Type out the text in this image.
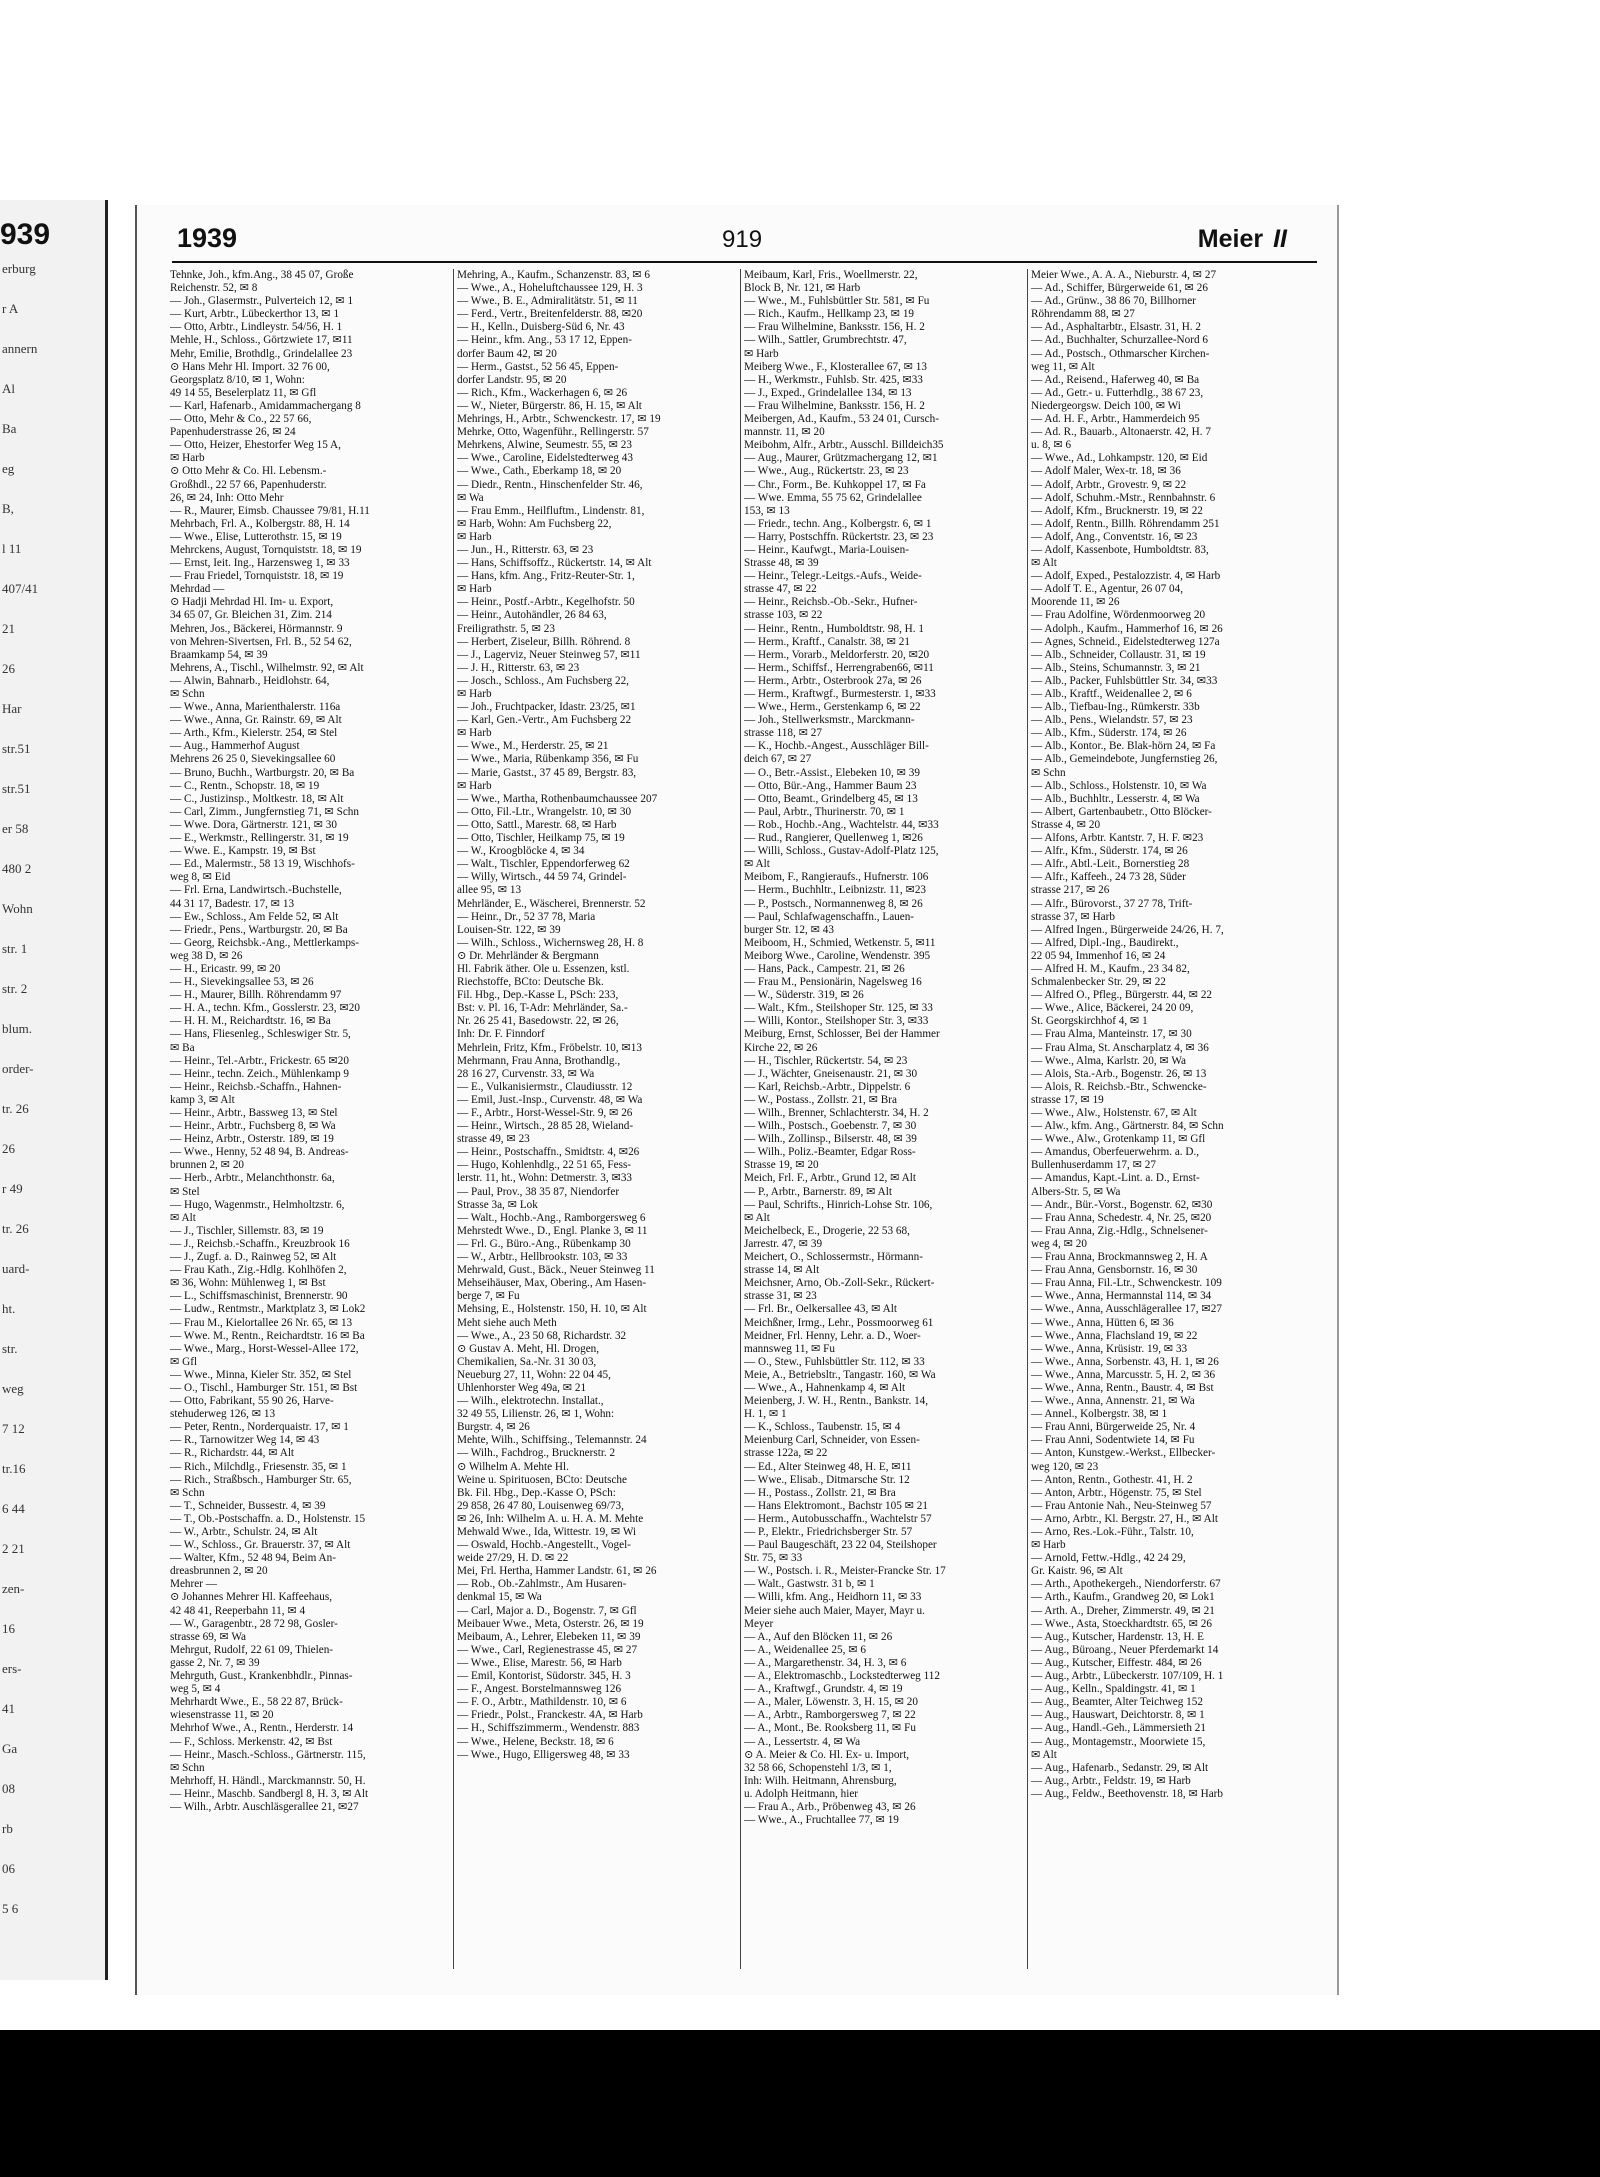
939
erburg
r A
annern
Al
Ba
eg
B,
l 11
407/41
21
26
Har
str.51
str.51
er 58
480 2
Wohn
str. 1
str. 2
blum.
order-
tr. 26
26
r 49
tr. 26
uard-
ht.
str.
weg
7 12
tr.16
6 44
2 21
zen-
16
ers-
41
Ga
08
rb
06
5 6
1939	919	Meier II
Tehnke, Joh., kfm.Ang., 38 45 07, Große
Reichenstr. 52, ✉ 8
— Joh., Glasermstr., Pulverteich 12, ✉ 1
— Kurt, Arbtr., Lübeckerthor 13, ✉ 1
— Otto, Arbtr., Lindleystr. 54/56, H. 1
Mehle, H., Schloss., Görtzwiete 17, ✉11
Mehr, Emilie, Brothdlg., Grindelallee 23
⊙ Hans Mehr Hl. Import. 32 76 00,
Georgsplatz 8/10, ✉ 1, Wohn:
49 14 55, Beselerplatz 11, ✉ Gfl
— Karl, Hafenarb., Amidammachergang 8
— Otto, Mehr & Co., 22 57 66,
Papenhuderstrasse 26, ✉ 24
— Otto, Heizer, Ehestorfer Weg 15 A,
✉ Harb
⊙ Otto Mehr & Co. Hl. Lebensm.-
Großhdl., 22 57 66, Papenhuderstr.
26, ✉ 24, Inh: Otto Mehr
— R., Maurer, Eimsb. Chaussee 79/81, H.11
Mehrbach, Frl. A., Kolbergstr. 88, H. 14
— Wwe., Elise, Lutterothstr. 15, ✉ 19
Mehrckens, August, Tornquiststr. 18, ✉ 19
— Ernst, Ieit. Ing., Harzensweg 1, ✉ 33
— Frau Friedel, Tornquiststr. 18, ✉ 19
Mehrdad —
⊙ Hadji Mehrdad Hl. Im- u. Export,
34 65 07, Gr. Bleichen 31, Zim. 214
Mehren, Jos., Bäckerei, Hörmannstr. 9
von Mehren-Sivertsen, Frl. B., 52 54 62,
Braamkamp 54, ✉ 39
Mehrens, A., Tischl., Wilhelmstr. 92, ✉ Alt
— Alwin, Bahnarb., Heidlohstr. 64,
✉ Schn
— Wwe., Anna, Marienthalerstr. 116a
— Wwe., Anna, Gr. Rainstr. 69, ✉ Alt
— Arth., Kfm., Kielerstr. 254, ✉ Stel
— Aug., Hammerhof August
Mehrens 26 25 0, Sievekingsallee 60
— Bruno, Buchh., Wartburgstr. 20, ✉ Ba
— C., Rentn., Schopstr. 18, ✉ 19
— C., Justizinsp., Moltkestr. 18, ✉ Alt
— Carl, Zimm., Jungfernstieg 71, ✉ Schn
— Wwe. Dora, Gärtnerstr. 121, ✉ 30
— E., Werkmstr., Rellingerstr. 31, ✉ 19
— Wwe. E., Kampstr. 19, ✉ Bst
— Ed., Malermstr., 58 13 19, Wischhofs-
weg 8, ✉ Eid
— Frl. Erna, Landwirtsch.-Buchstelle,
44 31 17, Badestr. 17, ✉ 13
— Ew., Schloss., Am Felde 52, ✉ Alt
— Friedr., Pens., Wartburgstr. 20, ✉ Ba
— Georg, Reichsbk.-Ang., Mettlerkamps-
weg 38 D, ✉ 26
— H., Ericastr. 99, ✉ 20
— H., Sievekingsallee 53, ✉ 26
— H., Maurer, Billh. Röhrendamm 97
— H. A., techn. Kfm., Gosslerstr. 23, ✉20
— H. H. M., Reichardtstr. 16, ✉ Ba
— Hans, Fliesenleg., Schleswiger Str. 5,
✉ Ba
— Heinr., Tel.-Arbtr., Frickestr. 65 ✉20
— Heinr., techn. Zeich., Mühlenkamp 9
— Heinr., Reichsb.-Schaffn., Hahnen-
kamp 3, ✉ Alt
— Heinr., Arbtr., Bassweg 13, ✉ Stel
— Heinr., Arbtr., Fuchsberg 8, ✉ Wa
— Heinz, Arbtr., Osterstr. 189, ✉ 19
— Wwe., Henny, 52 48 94, B. Andreas-
brunnen 2, ✉ 20
— Herb., Arbtr., Melanchthonstr. 6a,
✉ Stel
— Hugo, Wagenmstr., Helmholtzstr. 6,
✉ Alt
— J., Tischler, Sillemstr. 83, ✉ 19
— J., Reichsb.-Schaffn., Kreuzbrook 16
— J., Zugf. a. D., Rainweg 52, ✉ Alt
— Frau Kath., Zig.-Hdlg. Kohlhöfen 2,
✉ 36, Wohn: Mühlenweg 1, ✉ Bst
— L., Schiffsmaschinist, Brennerstr. 90
— Ludw., Rentmstr., Marktplatz 3, ✉ Lok2
— Frau M., Kielortallee 26 Nr. 65, ✉ 13
— Wwe. M., Rentn., Reichardtstr. 16 ✉ Ba
— Wwe., Marg., Horst-Wessel-Allee 172,
✉ Gfl
— Wwe., Minna, Kieler Str. 352, ✉ Stel
— O., Tischl., Hamburger Str. 151, ✉ Bst
— Otto, Fabrikant, 55 90 26, Harve-
stehuderweg 126, ✉ 13
— Peter, Rentn., Norderquaistr. 17, ✉ 1
— R., Tarnowitzer Weg 14, ✉ 43
— R., Richardstr. 44, ✉ Alt
— Rich., Milchdlg., Friesenstr. 35, ✉ 1
— Rich., Straßbsch., Hamburger Str. 65,
✉ Schn
— T., Schneider, Bussestr. 4, ✉ 39
— T., Ob.-Postschaffn. a. D., Holstenstr. 15
— W., Arbtr., Schulstr. 24, ✉ Alt
— W., Schloss., Gr. Brauerstr. 37, ✉ Alt
— Walter, Kfm., 52 48 94, Beim An-
dreasbrunnen 2, ✉ 20
Mehrer —
⊙ Johannes Mehrer Hl. Kaffeehaus,
42 48 41, Reeperbahn 11, ✉ 4
— W., Garagenbtr., 28 72 98, Gosler-
strasse 69, ✉ Wa
Mehrgut, Rudolf, 22 61 09, Thielen-
gasse 2, Nr. 7, ✉ 39
Mehrguth, Gust., Krankenbhdlr., Pinnas-
weg 5, ✉ 4
Mehrhardt Wwe., E., 58 22 87, Brück-
wiesenstrasse 11, ✉ 20
Mehrhof Wwe., A., Rentn., Herderstr. 14
— F., Schloss. Merkenstr. 42, ✉ Bst
— Heinr., Masch.-Schloss., Gärtnerstr. 115,
✉ Schn
Mehrhoff, H. Händl., Marckmannstr. 50, H.
— Heinr., Maschb. Sandbergl 8, H. 3, ✉ Alt
— Wilh., Arbtr. Auschläsgerallee 21, ✉27
Mehring, A., Kaufm., Schanzenstr. 83, ✉ 6
— Wwe., A., Hoheluftchaussee 129, H. 3
— Wwe., B. E., Admiralitätstr. 51, ✉ 11
— Ferd., Vertr., Breitenfelderstr. 88, ✉20
— H., Kelln., Duisberg-Süd 6, Nr. 43
— Heinr., kfm. Ang., 53 17 12, Eppen-
dorfer Baum 42, ✉ 20
— Herm., Gastst., 52 56 45, Eppen-
dorfer Landstr. 95, ✉ 20
— Rich., Kfm., Wackerhagen 6, ✉ 26
— W., Nieter, Bürgerstr. 86, H. 15, ✉ Alt
Mehrings, H., Arbtr., Schwenckestr. 17, ✉ 19
Mehrke, Otto, Wagenführ., Rellingerstr. 57
Mehrkens, Alwine, Seumestr. 55, ✉ 23
— Wwe., Caroline, Eidelstedterweg 43
— Wwe., Cath., Eberkamp 18, ✉ 20
— Diedr., Rentn., Hinschenfelder Str. 46,
✉ Wa
— Frau Emm., Heilfluftm., Lindenstr. 81,
✉ Harb, Wohn: Am Fuchsberg 22,
✉ Harb
— Jun., H., Ritterstr. 63, ✉ 23
— Hans, Schiffsoffz., Rückertstr. 14, ✉ Alt
— Hans, kfm. Ang., Fritz-Reuter-Str. 1,
✉ Harb
— Heinr., Postf.-Arbtr., Kegelhofstr. 50
— Heinr., Autohändler, 26 84 63,
Freiligrathstr. 5, ✉ 23
— Herbert, Ziseleur, Billh. Röhrend. 8
— J., Lagerviz, Neuer Steinweg 57, ✉11
— J. H., Ritterstr. 63, ✉ 23
— Josch., Schloss., Am Fuchsberg 22,
✉ Harb
— Joh., Fruchtpacker, Idastr. 23/25, ✉1
— Karl, Gen.-Vertr., Am Fuchsberg 22
✉ Harb
— Wwe., M., Herderstr. 25, ✉ 21
— Wwe., Maria, Rübenkamp 356, ✉ Fu
— Marie, Gastst., 37 45 89, Bergstr. 83,
✉ Harb
— Wwe., Martha, Rothenbaumchaussee 207
— Otto, Fil.-Ltr., Wrangelstr. 10, ✉ 30
— Otto, Sattl., Marestr. 68, ✉ Harb
— Otto, Tischler, Heilkamp 75, ✉ 19
— W., Kroogblöcke 4, ✉ 34
— Walt., Tischler, Eppendorferweg 62
— Willy, Wirtsch., 44 59 74, Grindel-
allee 95, ✉ 13
Mehrländer, E., Wäscherei, Brennerstr. 52
— Heinr., Dr., 52 37 78, Maria
Louisen-Str. 122, ✉ 39
— Wilh., Schloss., Wichernsweg 28, H. 8
⊙ Dr. Mehrländer & Bergmann
Hl. Fabrik äther. Ole u. Essenzen, kstl.
Riechstoffe, BCto: Deutsche Bk.
Fil. Hbg., Dep.-Kasse L, PSch: 233,
Bst: v. Pl. 16, T-Adr: Mehrländer, Sa.-
Nr. 26 25 41, Basedowstr. 22, ✉ 26,
Inh: Dr. F. Finndorf
Mehrlein, Fritz, Kfm., Fröbelstr. 10, ✉13
Mehrmann, Frau Anna, Brothandlg.,
28 16 27, Curvenstr. 33, ✉ Wa
— E., Vulkanisiermstr., Claudiusstr. 12
— Emil, Just.-Insp., Curvenstr. 48, ✉ Wa
— F., Arbtr., Horst-Wessel-Str. 9, ✉ 26
— Heinr., Wirtsch., 28 85 28, Wieland-
strasse 49, ✉ 23
— Heinr., Postschaffn., Smidtstr. 4, ✉26
— Hugo, Kohlenhdlg., 22 51 65, Fess-
lerstr. 11, ht., Wohn: Detmerstr. 3, ✉33
— Paul, Prov., 38 35 87, Niendorfer
Strasse 3a, ✉ Lok
— Walt., Hochb.-Ang., Ramborgersweg 6
Mehrstedt Wwe., D., Engl. Planke 3, ✉ 11
— Frl. G., Büro.-Ang., Rübenkamp 30
— W., Arbtr., Hellbrookstr. 103, ✉ 33
Mehrwald, Gust., Bäck., Neuer Steinweg 11
Mehseihäuser, Max, Obering., Am Hasen-
berge 7, ✉ Fu
Mehsing, E., Holstenstr. 150, H. 10, ✉ Alt
Meht siehe auch Meth
— Wwe., A., 23 50 68, Richardstr. 32
⊙ Gustav A. Meht, Hl. Drogen,
Chemikalien, Sa.-Nr. 31 30 03,
Neueburg 27, 11, Wohn: 22 04 45,
Uhlenhorster Weg 49a, ✉ 21
— Wilh., elektrotechn. Installat.,
32 49 55, Lilienstr. 26, ✉ 1, Wohn:
Burgstr. 4, ✉ 26
Mehte, Wilh., Schiffsing., Telemannstr. 24
— Wilh., Fachdrog., Brucknerstr. 2
⊙ Wilhelm A. Mehte Hl.
Weine u. Spirituosen, BCto: Deutsche
Bk. Fil. Hbg., Dep.-Kasse O, PSch:
29 858, 26 47 80, Louisenweg 69/73,
✉ 26, Inh: Wilhelm A. u. H. A. M. Mehte
Mehwald Wwe., Ida, Wittestr. 19, ✉ Wi
— Oswald, Hochb.-Angestellt., Vogel-
weide 27/29, H. D. ✉ 22
Mei, Frl. Hertha, Hammer Landstr. 61, ✉ 26
— Rob., Ob.-Zahlmstr., Am Husaren-
denkmal 15, ✉ Wa
— Carl, Major a. D., Bogenstr. 7, ✉ Gfl
Meibauer Wwe., Meta, Osterstr. 26, ✉ 19
Meibaum, A., Lehrer, Elebeken 11, ✉ 39
— Wwe., Carl, Regienestrasse 45, ✉ 27
— Wwe., Elise, Marestr. 56, ✉ Harb
— Emil, Kontorist, Südorstr. 345, H. 3
— F., Angest. Borstelmannsweg 126
— F. O., Arbtr., Mathildenstr. 10, ✉ 6
— Friedr., Polst., Franckestr. 4A, ✉ Harb
— H., Schiffszimmerm., Wendenstr. 883
— Wwe., Helene, Beckstr. 18, ✉ 6
— Wwe., Hugo, Elligersweg 48, ✉ 33
Meibaum, Karl, Fris., Woellmerstr. 22,
Block B, Nr. 121, ✉ Harb
— Wwe., M., Fuhlsbüttler Str. 581, ✉ Fu
— Rich., Kaufm., Hellkamp 23, ✉ 19
— Frau Wilhelmine, Banksstr. 156, H. 2
— Wilh., Sattler, Grumbrechtstr. 47,
✉ Harb
Meiberg Wwe., F., Klosterallee 67, ✉ 13
— H., Werkmstr., Fuhlsb. Str. 425, ✉33
— J., Exped., Grindelallee 134, ✉ 13
— Frau Wilhelmine, Banksstr. 156, H. 2
Meibergen, Ad., Kaufm., 53 24 01, Cursch-
mannstr. 11, ✉ 20
Meibohm, Alfr., Arbtr., Ausschl. Billdeich35
— Aug., Maurer, Grützmachergang 12, ✉1
— Wwe., Aug., Rückertstr. 23, ✉ 23
— Chr., Form., Be. Kuhkoppel 17, ✉ Fa
— Wwe. Emma, 55 75 62, Grindelallee
153, ✉ 13
— Friedr., techn. Ang., Kolbergstr. 6, ✉ 1
— Harry, Postschffn. Rückertstr. 23, ✉ 23
— Heinr., Kaufwgt., Maria-Louisen-
Strasse 48, ✉ 39
— Heinr., Telegr.-Leitgs.-Aufs., Weide-
strasse 47, ✉ 22
— Heinr., Reichsb.-Ob.-Sekr., Hufner-
strasse 103, ✉ 22
— Heinr., Rentn., Humboldtstr. 98, H. 1
— Herm., Kraftf., Canalstr. 38, ✉ 21
— Herm., Vorarb., Meldorferstr. 20, ✉20
— Herm., Schiffsf., Herrengraben66, ✉11
— Herm., Arbtr., Osterbrook 27a, ✉ 26
— Herm., Kraftwgf., Burmesterstr. 1, ✉33
— Wwe., Herm., Gerstenkamp 6, ✉ 22
— Joh., Stellwerksmstr., Marckmann-
strasse 118, ✉ 27
— K., Hochb.-Angest., Ausschläger Bill-
deich 67, ✉ 27
— O., Betr.-Assist., Elebeken 10, ✉ 39
— Otto, Bür.-Ang., Hammer Baum 23
— Otto, Beamt., Grindelberg 45, ✉ 13
— Paul, Arbtr., Thurinerstr. 70, ✉ 1
— Rob., Hochb.-Ang., Wachtelstr. 44, ✉33
— Rud., Rangierer, Quellenweg 1, ✉26
— Willi, Schloss., Gustav-Adolf-Platz 125,
✉ Alt
Meibom, F., Rangieraufs., Hufnerstr. 106
— Herm., Buchhltr., Leibnizstr. 11, ✉23
— P., Postsch., Normannenweg 8, ✉ 26
— Paul, Schlafwagenschaffn., Lauen-
burger Str. 12, ✉ 43
Meiboom, H., Schmied, Wetkenstr. 5, ✉11
Meiborg Wwe., Caroline, Wendenstr. 395
— Hans, Pack., Campestr. 21, ✉ 26
— Frau M., Pensionärin, Nagelsweg 16
— W., Süderstr. 319, ✉ 26
— Walt., Kfm., Steilshoper Str. 125, ✉ 33
— Willi, Kontor., Steilshoper Str. 3, ✉33
Meiburg, Ernst, Schlosser, Bei der Hammer
Kirche 22, ✉ 26
— H., Tischler, Rückertstr. 54, ✉ 23
— J., Wächter, Gneisenaustr. 21, ✉ 30
— Karl, Reichsb.-Arbtr., Dippelstr. 6
— W., Postass., Zollstr. 21, ✉ Bra
— Wilh., Brenner, Schlachterstr. 34, H. 2
— Wilh., Postsch., Goebenstr. 7, ✉ 30
— Wilh., Zollinsp., Bilserstr. 48, ✉ 39
— Wilh., Poliz.-Beamter, Edgar Ross-
Strasse 19, ✉ 20
Meich, Frl. F., Arbtr., Grund 12, ✉ Alt
— P., Arbtr., Barnerstr. 89, ✉ Alt
— Paul, Schrifts., Hinrich-Lohse Str. 106,
✉ Alt
Meichelbeck, E., Drogerie, 22 53 68,
Jarrestr. 47, ✉ 39
Meichert, O., Schlossermstr., Hörmann-
strasse 14, ✉ Alt
Meichsner, Arno, Ob.-Zoll-Sekr., Rückert-
strasse 31, ✉ 23
— Frl. Br., Oelkersallee 43, ✉ Alt
Meichßner, Irmg., Lehr., Possmoorweg 61
Meidner, Frl. Henny, Lehr. a. D., Woer-
mannsweg 11, ✉ Fu
— O., Stew., Fuhlsbüttler Str. 112, ✉ 33
Meie, A., Betriebsltr., Tangastr. 160, ✉ Wa
— Wwe., A., Hahnenkamp 4, ✉ Alt
Meienberg, J. W. H., Rentn., Bankstr. 14,
H. 1, ✉ 1
— K., Schloss., Taubenstr. 15, ✉ 4
Meienburg Carl, Schneider, von Essen-
strasse 122a, ✉ 22
— Ed., Alter Steinweg 48, H. E, ✉11
— Wwe., Elisab., Ditmarsche Str. 12
— H., Postass., Zollstr. 21, ✉ Bra
— Hans Elektromont., Bachstr 105 ✉ 21
— Herm., Autobusschaffn., Wachtelstr 57
— P., Elektr., Friedrichsberger Str. 57
— Paul Baugeschäft, 23 22 04, Steilshoper
Str. 75, ✉ 33
— W., Postsch. i. R., Meister-Francke Str. 17
— Walt., Gastwstr. 31 b, ✉ 1
— Willi, kfm. Ang., Heidhorn 11, ✉ 33
Meier siehe auch Maier, Mayer, Mayr u.
Meyer
— A., Auf den Blöcken 11, ✉ 26
— A., Weidenallee 25, ✉ 6
— A., Margarethenstr. 34, H. 3, ✉ 6
— A., Elektromaschb., Lockstedterweg 112
— A., Kraftwgf., Grundstr. 4, ✉ 19
— A., Maler, Löwenstr. 3, H. 15, ✉ 20
— A., Arbtr., Ramborgersweg 7, ✉ 22
— A., Mont., Be. Rooksberg 11, ✉ Fu
— A., Lessertstr. 4, ✉ Wa
⊙ A. Meier & Co. Hl. Ex- u. Import,
32 58 66, Schopenstehl 1/3, ✉ 1,
Inh: Wilh. Heitmann, Ahrensburg,
u. Adolph Heitmann, hier
— Frau A., Arb., Pröbenweg 43, ✉ 26
— Wwe., A., Fruchtallee 77, ✉ 19
Meier Wwe., A. A. A., Nieburstr. 4, ✉ 27
— Ad., Schiffer, Bürgerweide 61, ✉ 26
— Ad., Grünw., 38 86 70, Billhorner
Röhrendamm 88, ✉ 27
— Ad., Asphaltarbtr., Elsastr. 31, H. 2
— Ad., Buchhalter, Schurzallee-Nord 6
— Ad., Postsch., Othmarscher Kirchen-
weg 11, ✉ Alt
— Ad., Reisend., Haferweg 40, ✉ Ba
— Ad., Getr.- u. Futterhdlg., 38 67 23,
Niedergeorgsw. Deich 100, ✉ Wi
— Ad. H. F., Arbtr., Hammerdeich 95
— Ad. R., Bauarb., Altonaerstr. 42, H. 7
u. 8, ✉ 6
— Wwe., Ad., Lohkampstr. 120, ✉ Eid
— Adolf Maler, Wex-tr. 18, ✉ 36
— Adolf, Arbtr., Grovestr. 9, ✉ 22
— Adolf, Schuhm.-Mstr., Rennbahnstr. 6
— Adolf, Kfm., Brucknerstr. 19, ✉ 22
— Adolf, Rentn., Billh. Röhrendamm 251
— Adolf, Ang., Conventstr. 16, ✉ 23
— Adolf, Kassenbote, Humboldtstr. 83,
✉ Alt
— Adolf, Exped., Pestalozzistr. 4, ✉ Harb
— Adolf T. E., Agentur, 26 07 04,
Moorende 11, ✉ 26
— Frau Adolfine, Wördenmoorweg 20
— Adolph., Kaufm., Hammerhof 16, ✉ 26
— Agnes, Schneid., Eidelstedterweg 127a
— Alb., Schneider, Collaustr. 31, ✉ 19
— Alb., Steins, Schumannstr. 3, ✉ 21
— Alb., Packer, Fuhlsbüttler Str. 34, ✉33
— Alb., Kraftf., Weidenallee 2, ✉ 6
— Alb., Tiefbau-Ing., Rümkerstr. 33b
— Alb., Pens., Wielandstr. 57, ✉ 23
— Alb., Kfm., Süderstr. 174, ✉ 26
— Alb., Kontor., Be. Blak-hörn 24, ✉ Fa
— Alb., Gemeindebote, Jungfernstieg 26,
✉ Schn
— Alb., Schloss., Holstenstr. 10, ✉ Wa
— Alb., Buchhltr., Lesserstr. 4, ✉ Wa
— Albert, Gartenbaubetr., Otto Blöcker-
Strasse 4, ✉ 20
— Alfons, Arbtr. Kantstr. 7, H. F. ✉23
— Alfr., Kfm., Süderstr. 174, ✉ 26
— Alfr., Abtl.-Leit., Bornerstieg 28
— Alfr., Kaffeeh., 24 73 28, Süder
strasse 217, ✉ 26
— Alfr., Bürovorst., 37 27 78, Trift-
strasse 37, ✉ Harb
— Alfred Ingen., Bürgerweide 24/26, H. 7,
— Alfred, Dipl.-Ing., Baudirekt.,
22 05 94, Immenhof 16, ✉ 24
— Alfred H. M., Kaufm., 23 34 82,
Schmalenbecker Str. 29, ✉ 22
— Alfred O., Pfleg., Bürgerstr. 44, ✉ 22
— Wwe., Alice, Bäckerei, 24 20 09,
St. Georgskirchhof 4, ✉ 1
— Frau Alma, Manteinstr. 17, ✉ 30
— Frau Alma, St. Anscharplatz 4, ✉ 36
— Wwe., Alma, Karlstr. 20, ✉ Wa
— Alois, Sta.-Arb., Bogenstr. 26, ✉ 13
— Alois, R. Reichsb.-Btr., Schwencke-
strasse 17, ✉ 19
— Wwe., Alw., Holstenstr. 67, ✉ Alt
— Alw., kfm. Ang., Gärtnerstr. 84, ✉ Schn
— Wwe., Alw., Grotenkamp 11, ✉ Gfl
— Amandus, Oberfeuerwehrm. a. D.,
Bullenhuserdamm 17, ✉ 27
— Amandus, Kapt.-Lint. a. D., Ernst-
Albers-Str. 5, ✉ Wa
— Andr., Bür.-Vorst., Bogenstr. 62, ✉30
— Frau Anna, Schedestr. 4, Nr. 25, ✉20
— Frau Anna, Zig.-Hdlg., Schnelsener-
weg 4, ✉ 20
— Frau Anna, Brockmannsweg 2, H. A
— Frau Anna, Gensbornstr. 16, ✉ 30
— Frau Anna, Fil.-Ltr., Schwenckestr. 109
— Wwe., Anna, Hermannstal 114, ✉ 34
— Wwe., Anna, Ausschlägerallee 17, ✉27
— Wwe., Anna, Hütten 6, ✉ 36
— Wwe., Anna, Flachsland 19, ✉ 22
— Wwe., Anna, Krüsistr. 19, ✉ 33
— Wwe., Anna, Sorbenstr. 43, H. 1, ✉ 26
— Wwe., Anna, Marcusstr. 5, H. 2, ✉ 36
— Wwe., Anna, Rentn., Baustr. 4, ✉ Bst
— Wwe., Anna, Annenstr. 21, ✉ Wa
— Annel., Kolbergstr. 38, ✉ 1
— Frau Anni, Bürgerweide 25, Nr. 4
— Frau Anni, Sodentwiete 14, ✉ Fu
— Anton, Kunstgew.-Werkst., Ellbecker-
weg 120, ✉ 23
— Anton, Rentn., Gothestr. 41, H. 2
— Anton, Arbtr., Högenstr. 75, ✉ Stel
— Frau Antonie Nah., Neu-Steinweg 57
— Arno, Arbtr., Kl. Bergstr. 27, H., ✉ Alt
— Arno, Res.-Lok.-Führ., Talstr. 10,
✉ Harb
— Arnold, Fettw.-Hdlg., 42 24 29,
Gr. Kaistr. 96, ✉ Alt
— Arth., Apothekergeh., Niendorferstr. 67
— Arth., Kaufm., Grandweg 20, ✉ Lok1
— Arth. A., Dreher, Zimmerstr. 49, ✉ 21
— Wwe., Asta, Stoeckhardtstr. 65, ✉ 26
— Aug., Kutscher, Hardenstr. 13, H. E
— Aug., Büroang., Neuer Pferdemarkt 14
— Aug., Kutscher, Eiffestr. 484, ✉ 26
— Aug., Arbtr., Lübeckerstr. 107/109, H. 1
— Aug., Kelln., Spaldingstr. 41, ✉ 1
— Aug., Beamter, Alter Teichweg 152
— Aug., Hauswart, Deichtorstr. 8, ✉ 1
— Aug., Handl.-Geh., Lämmersieth 21
— Aug., Montagemstr., Moorwiete 15,
✉ Alt
— Aug., Hafenarb., Sedanstr. 29, ✉ Alt
— Aug., Arbtr., Feldstr. 19, ✉ Harb
— Aug., Feldw., Beethovenstr. 18, ✉ Harb
